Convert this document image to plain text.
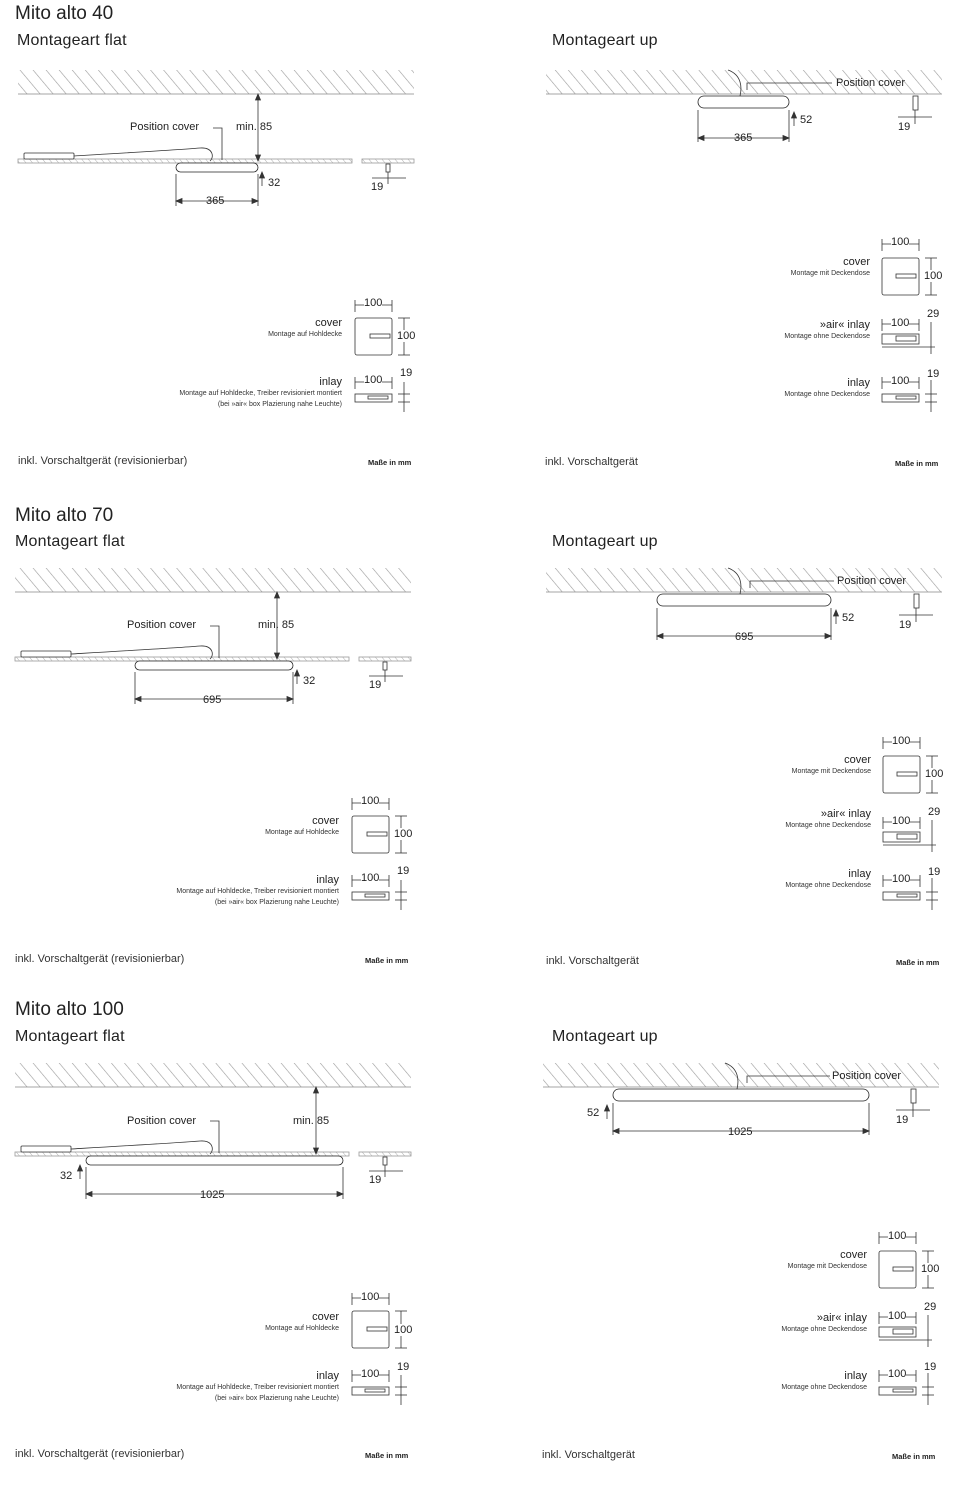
Mito alto 40
Montageart flat	Montageart up
Position cover	min. 85
365
32	19
Position cover
365
52
19
100
100
cover
Montage auf Hohldecke
100
19
inlay
Montage auf Hohldecke, Treiber revisioniert montiert
(bei »air« box Plazierung nahe Leuchte)
100
100
cover
Montage mit Deckendose
100
29
»air« inlay
Montage ohne Deckendose
100
19
inlay
Montage ohne Deckendose
inkl. Vorschaltgerät (revisionierbar)	Maße in mm	inkl. Vorschaltgerät	Maße in mm
Mito alto 70
Montageart flat	Montageart up
Position cover	min. 85
695
32	19
Position cover
695
52
19
100
100
cover
Montage auf Hohldecke
100
19
inlay
Montage auf Hohldecke, Treiber revisioniert montiert
(bei »air« box Plazierung nahe Leuchte)
100
100
cover
Montage mit Deckendose
100
29
»air« inlay
Montage ohne Deckendose
100
19
inlay
Montage ohne Deckendose
inkl. Vorschaltgerät (revisionierbar)	Maße in mm	inkl. Vorschaltgerät	Maße in mm
Mito alto 100
Montageart flat	Montageart up
Position cover	min. 85
1025
32	19
Position cover
1025
52
19
100
100
cover
Montage auf Hohldecke
100
19
inlay
Montage auf Hohldecke, Treiber revisioniert montiert
(bei »air« box Plazierung nahe Leuchte)
100
100
cover
Montage mit Deckendose
100
29
»air« inlay
Montage ohne Deckendose
100
19
inlay
Montage ohne Deckendose
inkl. Vorschaltgerät (revisionierbar)	Maße in mm	inkl. Vorschaltgerät	Maße in mm
